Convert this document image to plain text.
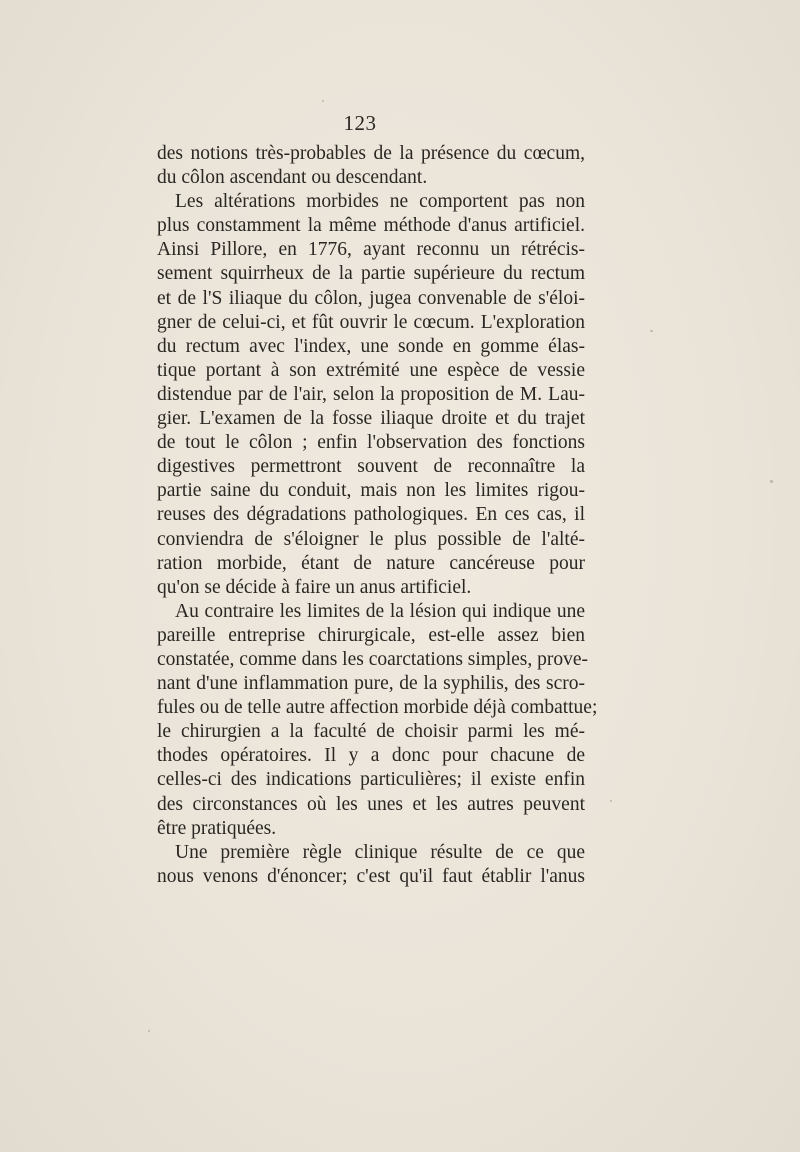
123
des notions très-probables de la présence du cœcum,
du côlon ascendant ou descendant.
Les altérations morbides ne comportent pas non
plus constamment la même méthode d'anus artificiel.
Ainsi Pillore, en 1776, ayant reconnu un rétrécis-
sement squirrheux de la partie supérieure du rectum
et de l'S iliaque du côlon, jugea convenable de s'éloi-
gner de celui-ci, et fût ouvrir le cœcum. L'exploration
du rectum avec l'index, une sonde en gomme élas-
tique portant à son extrémité une espèce de vessie
distendue par de l'air, selon la proposition de M. Lau-
gier. L'examen de la fosse iliaque droite et du trajet
de tout le côlon ; enfin l'observation des fonctions
digestives permettront souvent de reconnaître la
partie saine du conduit, mais non les limites rigou-
reuses des dégradations pathologiques. En ces cas, il
conviendra de s'éloigner le plus possible de l'alté-
ration morbide, étant de nature cancéreuse pour
qu'on se décide à faire un anus artificiel.
Au contraire les limites de la lésion qui indique une
pareille entreprise chirurgicale, est-elle assez bien
constatée, comme dans les coarctations simples, prove-
nant d'une inflammation pure, de la syphilis, des scro-
fules ou de telle autre affection morbide déjà combattue;
le chirurgien a la faculté de choisir parmi les mé-
thodes opératoires. Il y a donc pour chacune de
celles-ci des indications particulières; il existe enfin
des circonstances où les unes et les autres peuvent
être pratiquées.
Une première règle clinique résulte de ce que
nous venons d'énoncer; c'est qu'il faut établir l'anus
